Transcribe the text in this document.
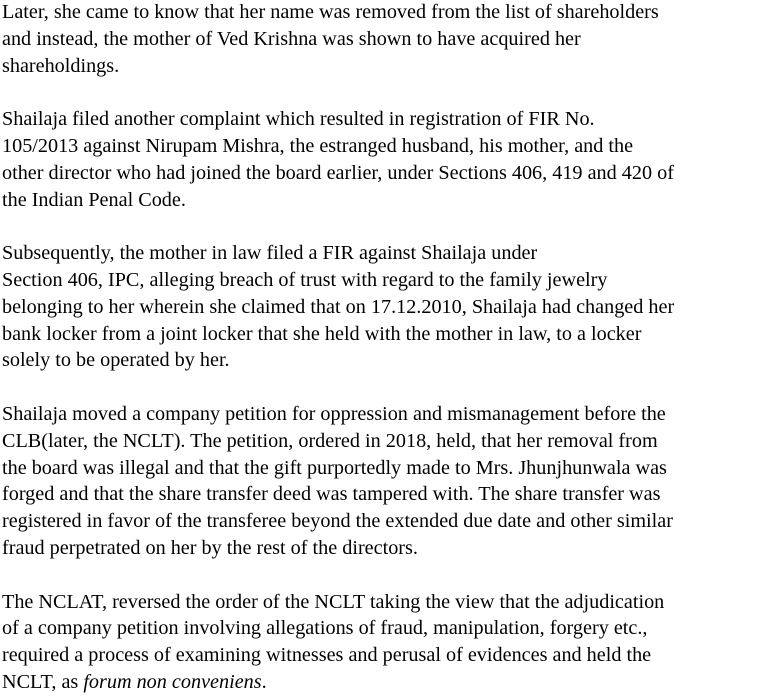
Later, she came to know that her name was removed from the list of shareholders
and instead, the mother of Ved Krishna was shown to have acquired her
shareholdings.

Shailaja filed another complaint which resulted in registration of FIR No.
105/2013 against Nirupam Mishra, the estranged husband, his mother, and the
other director who had joined the board earlier, under Sections 406, 419 and 420 of
the Indian Penal Code.

Subsequently, the mother in law filed a FIR against Shailaja under
Section 406, IPC, alleging breach of trust with regard to the family jewelry
belonging to her wherein she claimed that on 17.12.2010, Shailaja had changed her
bank locker from a joint locker that she held with the mother in law, to a locker
solely to be operated by her.

Shailaja moved a company petition for oppression and mismanagement before the
CLB(later, the NCLT). The petition, ordered in 2018, held, that her removal from
the board was illegal and that the gift purportedly made to Mrs. Jhunjhunwala was
forged and that the share transfer deed was tampered with. The share transfer was
registered in favor of the transferee beyond the extended due date and other similar
fraud perpetrated on her by the rest of the directors.

The NCLAT, reversed the order of the NCLT taking the view that the adjudication
of a company petition involving allegations of fraud, manipulation, forgery etc.,
required a process of examining witnesses and perusal of evidences and held the
NCLT, as forum non conveniens.
